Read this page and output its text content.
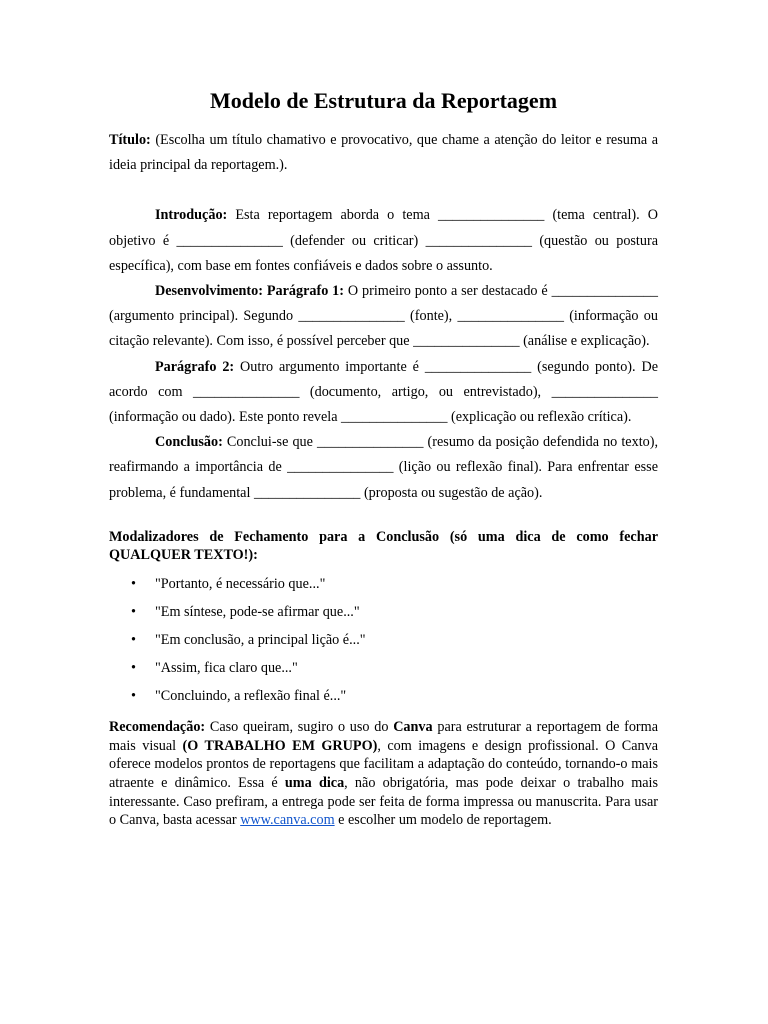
Modelo de Estrutura da Reportagem

Título: (Escolha um título chamativo e provocativo, que chame a atenção do leitor e resuma a ideia principal da reportagem.).

Introdução: Esta reportagem aborda o tema _______________ (tema central). O objetivo é _______________ (defender ou criticar) _______________ (questão ou postura específica), com base em fontes confiáveis e dados sobre o assunto.

Desenvolvimento: Parágrafo 1: O primeiro ponto a ser destacado é _______________ (argumento principal). Segundo _______________ (fonte), _______________ (informação ou citação relevante). Com isso, é possível perceber que _______________ (análise e explicação).

Parágrafo 2: Outro argumento importante é _______________ (segundo ponto). De acordo com _______________ (documento, artigo, ou entrevistado), _______________ (informação ou dado). Este ponto revela _______________ (explicação ou reflexão crítica).

Conclusão: Conclui-se que _______________ (resumo da posição defendida no texto), reafirmando a importância de _______________ (lição ou reflexão final). Para enfrentar esse problema, é fundamental _______________ (proposta ou sugestão de ação).

Modalizadores de Fechamento para a Conclusão (só uma dica de como fechar QUALQUER TEXTO!):

• "Portanto, é necessário que..."
• "Em síntese, pode-se afirmar que..."
• "Em conclusão, a principal lição é..."
• "Assim, fica claro que..."
• "Concluindo, a reflexão final é..."

Recomendação: Caso queiram, sugiro o uso do Canva para estruturar a reportagem de forma mais visual (O TRABALHO EM GRUPO), com imagens e design profissional. O Canva oferece modelos prontos de reportagens que facilitam a adaptação do conteúdo, tornando-o mais atraente e dinâmico. Essa é uma dica, não obrigatória, mas pode deixar o trabalho mais interessante. Caso prefiram, a entrega pode ser feita de forma impressa ou manuscrita. Para usar o Canva, basta acessar www.canva.com e escolher um modelo de reportagem.
